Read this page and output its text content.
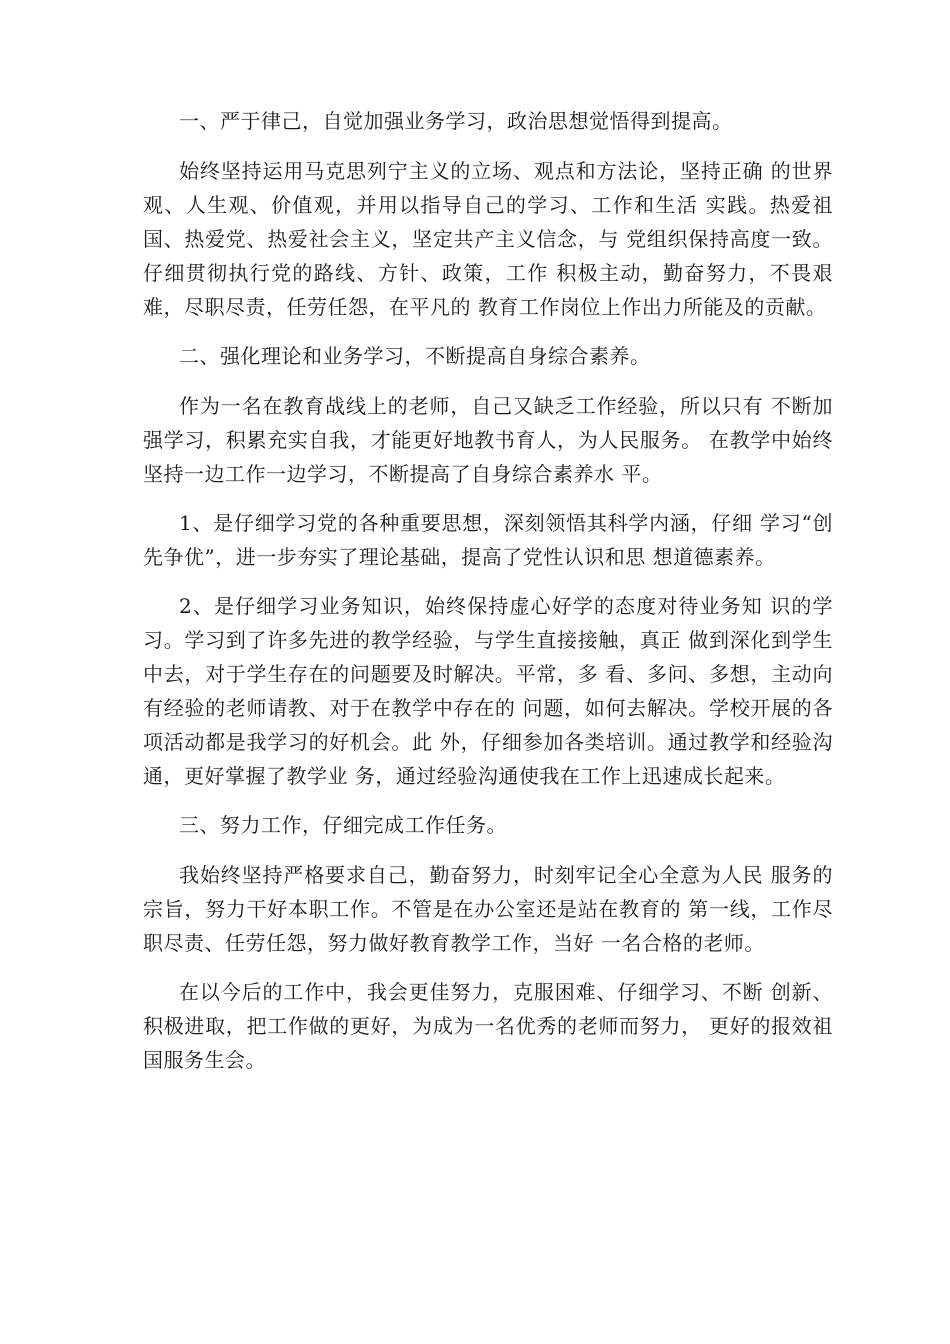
一、严于律己，自觉加强业务学习，政治思想觉悟得到提高。

始终坚持运用马克思列宁主义的立场、观点和方法论，坚持正确 的世界观、人生观、价值观，并用以指导自己的学习、工作和生活 实践。热爱祖国、热爱党、热爱社会主义，坚定共产主义信念，与 党组织保持高度一致。仔细贯彻执行党的路线、方针、政策，工作 积极主动，勤奋努力，不畏艰难，尽职尽责，任劳任怨，在平凡的 教育工作岗位上作出力所能及的贡献。

二、强化理论和业务学习，不断提高自身综合素养。

作为一名在教育战线上的老师，自己又缺乏工作经验，所以只有 不断加强学习，积累充实自我，才能更好地教书育人，为人民服务。 在教学中始终坚持一边工作一边学习，不断提高了自身综合素养水 平。

1、是仔细学习党的各种重要思想，深刻领悟其科学内涵，仔细 学习“创先争优”，进一步夯实了理论基础，提高了党性认识和思 想道德素养。

2、是仔细学习业务知识，始终保持虚心好学的态度对待业务知 识的学习。学习到了许多先进的教学经验，与学生直接接触，真正 做到深化到学生中去，对于学生存在的问题要及时解决。平常，多 看、多问、多想，主动向有经验的老师请教、对于在教学中存在的 问题，如何去解决。学校开展的各项活动都是我学习的好机会。此 外，仔细参加各类培训。通过教学和经验沟通，更好掌握了教学业 务，通过经验沟通使我在工作上迅速成长起来。

三、努力工作，仔细完成工作任务。

我始终坚持严格要求自己，勤奋努力，时刻牢记全心全意为人民 服务的宗旨，努力干好本职工作。不管是在办公室还是站在教育的 第一线，工作尽职尽责、任劳任怨，努力做好教育教学工作，当好 一名合格的老师。

在以今后的工作中，我会更佳努力，克服困难、仔细学习、不断 创新、积极进取，把工作做的更好，为成为一名优秀的老师而努力， 更好的报效祖国服务生会。
